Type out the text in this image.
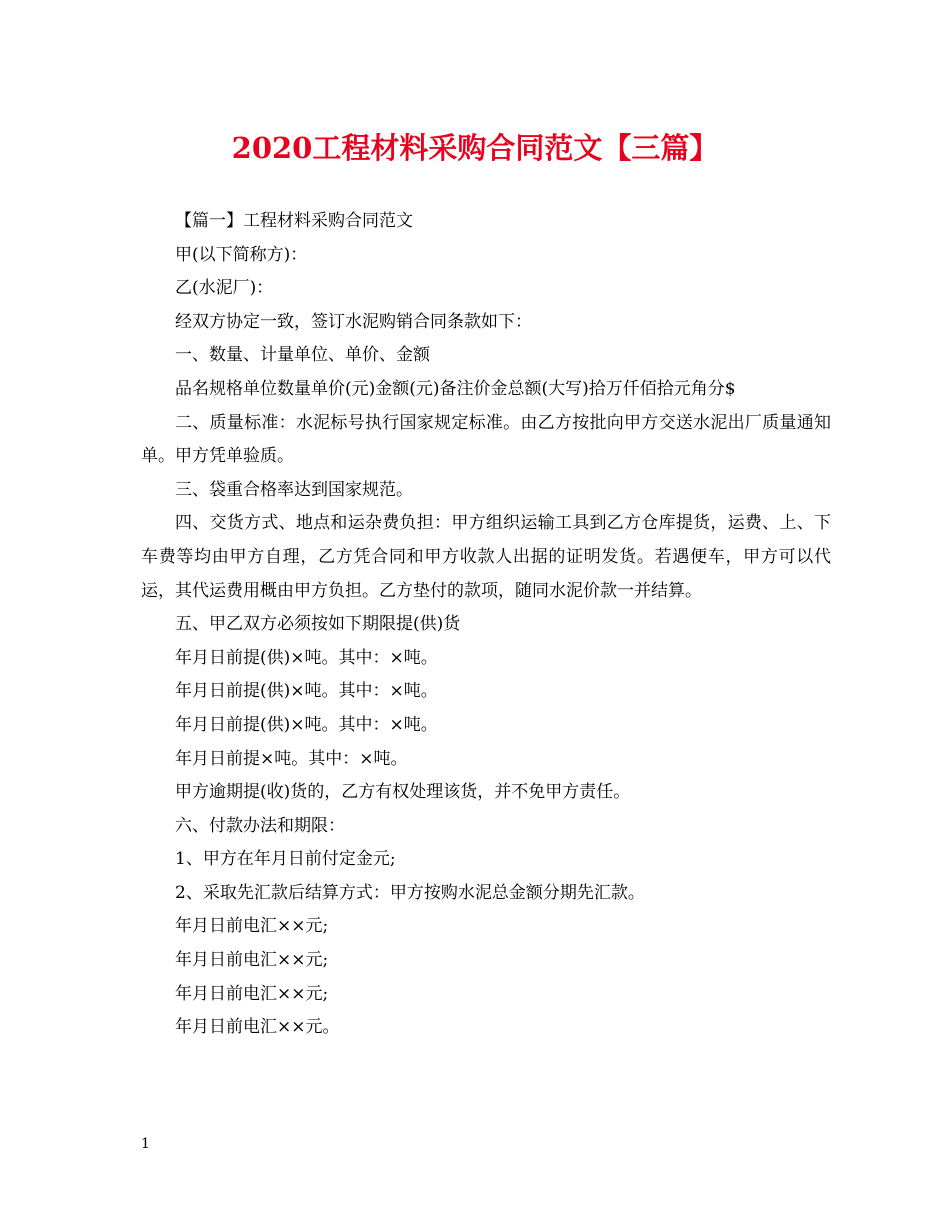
2020工程材料采购合同范文【三篇】

【篇一】工程材料采购合同范文

甲(以下简称方)：

乙(水泥厂)：

经双方协定一致，签订水泥购销合同条款如下：

一、数量、计量单位、单价、金额

品名规格单位数量单价(元)金额(元)备注价金总额(大写)拾万仟佰拾元角分$

二、质量标准：水泥标号执行国家规定标准。由乙方按批向甲方交送水泥出厂质量通知单。甲方凭单验质。

三、袋重合格率达到国家规范。

四、交货方式、地点和运杂费负担：甲方组织运输工具到乙方仓库提货，运费、上、下车费等均由甲方自理，乙方凭合同和甲方收款人出据的证明发货。若遇便车，甲方可以代运，其代运费用概由甲方负担。乙方垫付的款项，随同水泥价款一并结算。

五、甲乙双方必须按如下期限提(供)货

年月日前提(供)×吨。其中：×吨。

年月日前提(供)×吨。其中：×吨。

年月日前提(供)×吨。其中：×吨。

年月日前提×吨。其中：×吨。

甲方逾期提(收)货的，乙方有权处理该货，并不免甲方责任。

六、付款办法和期限：

1、甲方在年月日前付定金元;

2、采取先汇款后结算方式：甲方按购水泥总金额分期先汇款。

年月日前电汇××元;

年月日前电汇××元;

年月日前电汇××元;

年月日前电汇××元。

1
